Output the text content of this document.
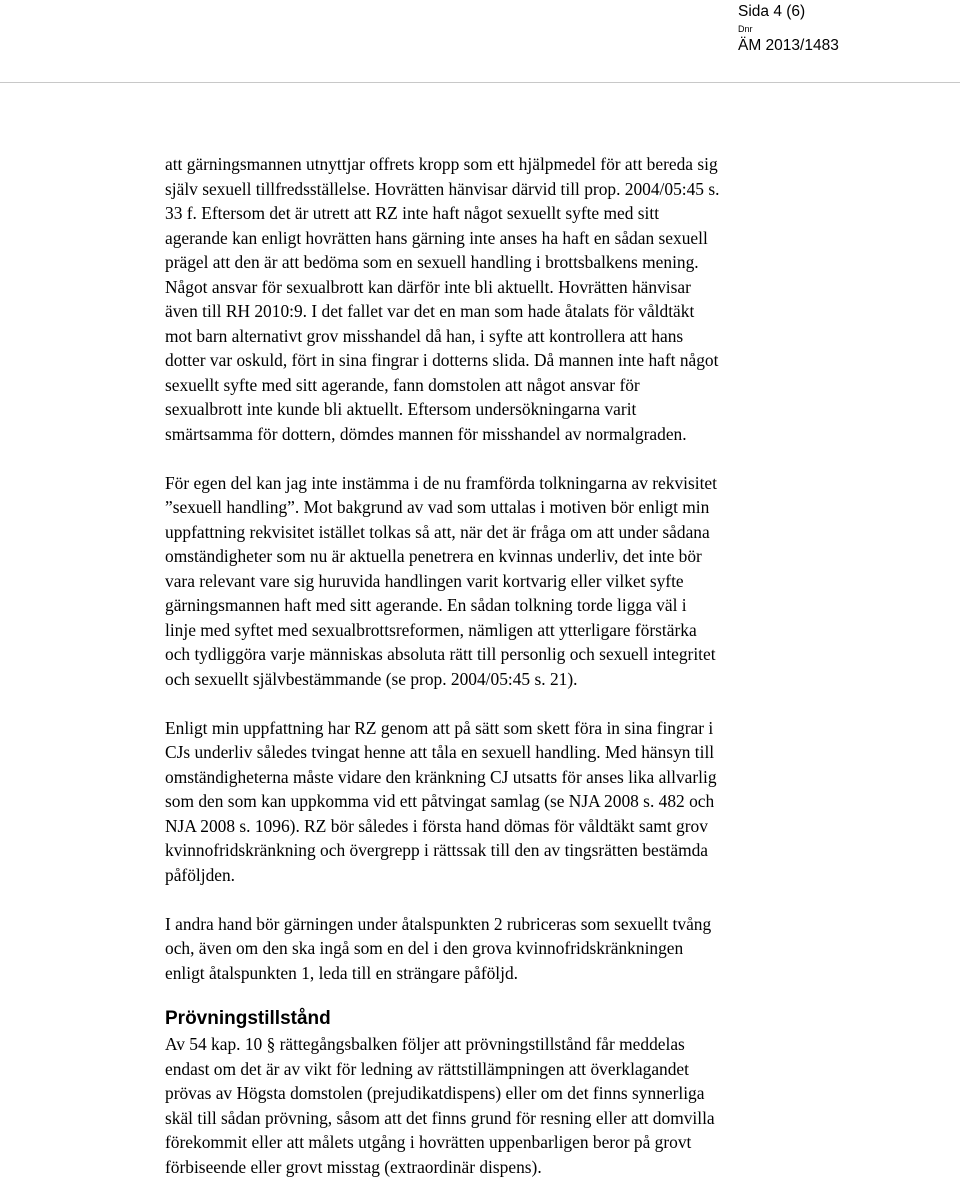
Sida 4 (6)
Dnr
ÄM 2013/1483

att gärningsmannen utnyttjar offrets kropp som ett hjälpmedel för att bereda sig
själv sexuell tillfredsställelse. Hovrätten hänvisar därvid till prop. 2004/05:45 s.
33 f. Eftersom det är utrett att RZ inte haft något sexuellt syfte med sitt
agerande kan enligt hovrätten hans gärning inte anses ha haft en sådan sexuell
prägel att den är att bedöma som en sexuell handling i brottsbalkens mening.
Något ansvar för sexualbrott kan därför inte bli aktuellt. Hovrätten hänvisar
även till RH 2010:9. I det fallet var det en man som hade åtalats för våldtäkt
mot barn alternativt grov misshandel då han, i syfte att kontrollera att hans
dotter var oskuld, fört in sina fingrar i dotterns slida. Då mannen inte haft något
sexuellt syfte med sitt agerande, fann domstolen att något ansvar för
sexualbrott inte kunde bli aktuellt. Eftersom undersökningarna varit
smärtsamma för dottern, dömdes mannen för misshandel av normalgraden.

För egen del kan jag inte instämma i de nu framförda tolkningarna av rekvisitet
”sexuell handling”. Mot bakgrund av vad som uttalas i motiven bör enligt min
uppfattning rekvisitet istället tolkas så att, när det är fråga om att under sådana
omständigheter som nu är aktuella penetrera en kvinnas underliv, det inte bör
vara relevant vare sig huruvida handlingen varit kortvarig eller vilket syfte
gärningsmannen haft med sitt agerande. En sådan tolkning torde ligga väl i
linje med syftet med sexualbrottsreformen, nämligen att ytterligare förstärka
och tydliggöra varje människas absoluta rätt till personlig och sexuell integritet
och sexuellt självbestämmande (se prop. 2004/05:45 s. 21).

Enligt min uppfattning har RZ genom att på sätt som skett föra in sina fingrar i
CJs underliv således tvingat henne att tåla en sexuell handling. Med hänsyn till
omständigheterna måste vidare den kränkning CJ utsatts för anses lika allvarlig
som den som kan uppkomma vid ett påtvingat samlag (se NJA 2008 s. 482 och
NJA 2008 s. 1096). RZ bör således i första hand dömas för våldtäkt samt grov
kvinnofridskränkning och övergrepp i rättssak till den av tingsrätten bestämda
påföljden.

I andra hand bör gärningen under åtalspunkten 2 rubriceras som sexuellt tvång
och, även om den ska ingå som en del i den grova kvinnofridskränkningen
enligt åtalspunkten 1, leda till en strängare påföljd.

Prövningstillstånd

Av 54 kap. 10 § rättegångsbalken följer att prövningstillstånd får meddelas
endast om det är av vikt för ledning av rättstillämpningen att överklagandet
prövas av Högsta domstolen (prejudikatdispens) eller om det finns synnerliga
skäl till sådan prövning, såsom att det finns grund för resning eller att domvilla
förekommit eller att målets utgång i hovrätten uppenbarligen beror på grovt
förbiseende eller grovt misstag (extraordinär dispens).
